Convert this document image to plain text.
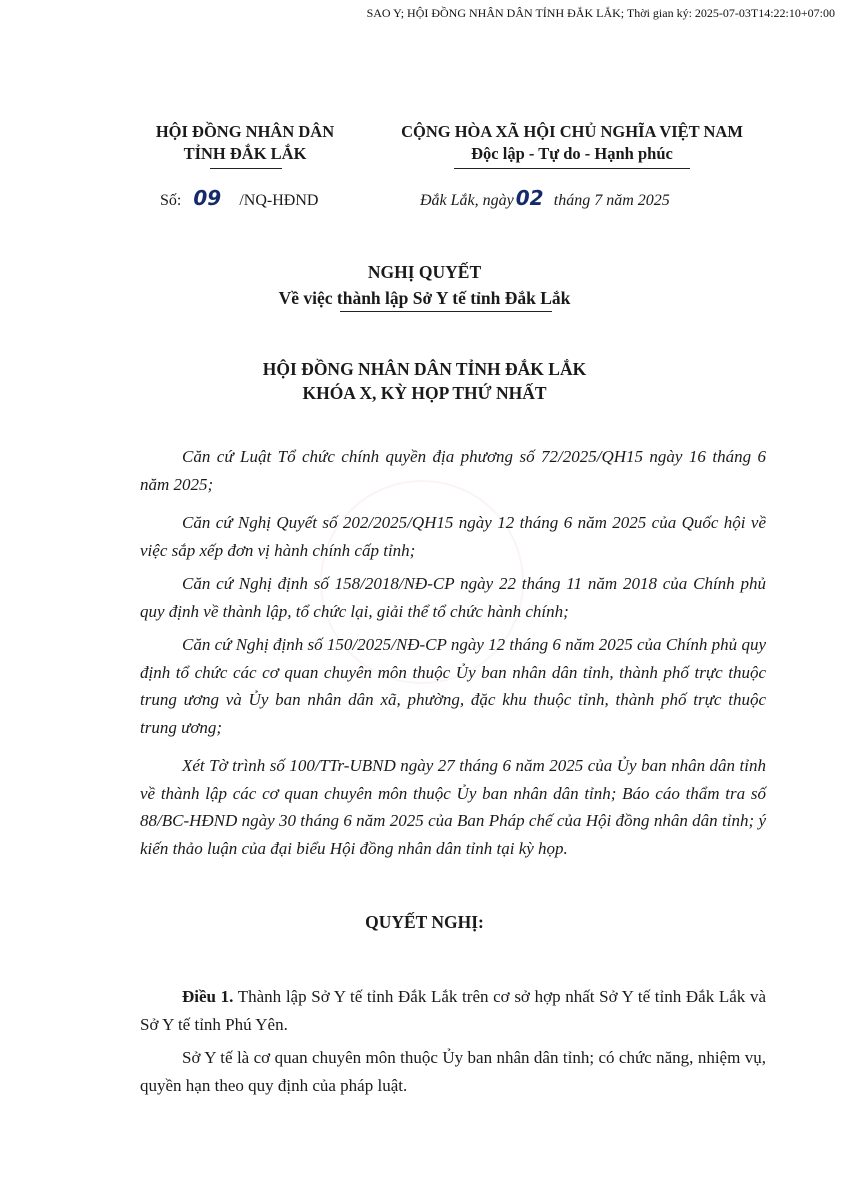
SAO Y; HỘI ĐỒNG NHÂN DÂN TỈNH ĐẮK LẮK; Thời gian ký: 2025-07-03T14:22:10+07:00
HỘI ĐỒNG NHÂN DÂN
TỈNH ĐẮK LẮK
CỘNG HÒA XÃ HỘI CHỦ NGHĨA VIỆT NAM
Độc lập - Tự do - Hạnh phúc
Số: 09 /NQ-HĐND	Đắk Lắk, ngày 02 tháng 7 năm 2025
NGHỊ QUYẾT
Về việc thành lập Sở Y tế tỉnh Đắk Lắk
HỘI ĐỒNG NHÂN DÂN TỈNH ĐẮK LẮK
KHÓA X, KỲ HỌP THỨ NHẤT
Căn cứ Luật Tổ chức chính quyền địa phương số 72/2025/QH15 ngày 16 tháng 6 năm 2025;
Căn cứ Nghị Quyết số 202/2025/QH15 ngày 12 tháng 6 năm 2025 của Quốc hội về việc sắp xếp đơn vị hành chính cấp tỉnh;
Căn cứ Nghị định số 158/2018/NĐ-CP ngày 22 tháng 11 năm 2018 của Chính phủ quy định về thành lập, tổ chức lại, giải thể tổ chức hành chính;
Căn cứ Nghị định số 150/2025/NĐ-CP ngày 12 tháng 6 năm 2025 của Chính phủ quy định tổ chức các cơ quan chuyên môn thuộc Ủy ban nhân dân tỉnh, thành phố trực thuộc trung ương và Ủy ban nhân dân xã, phường, đặc khu thuộc tỉnh, thành phố trực thuộc trung ương;
Xét Tờ trình số 100/TTr-UBND ngày 27 tháng 6 năm 2025 của Ủy ban nhân dân tỉnh về thành lập các cơ quan chuyên môn thuộc Ủy ban nhân dân tỉnh; Báo cáo thẩm tra số 88/BC-HĐND ngày 30 tháng 6 năm 2025 của Ban Pháp chế của Hội đồng nhân dân tỉnh; ý kiến thảo luận của đại biểu Hội đồng nhân dân tỉnh tại kỳ họp.
QUYẾT NGHỊ:
Điều 1. Thành lập Sở Y tế tỉnh Đắk Lắk trên cơ sở hợp nhất Sở Y tế tỉnh Đắk Lắk và Sở Y tế tỉnh Phú Yên.
Sở Y tế là cơ quan chuyên môn thuộc Ủy ban nhân dân tỉnh; có chức năng, nhiệm vụ, quyền hạn theo quy định của pháp luật.
